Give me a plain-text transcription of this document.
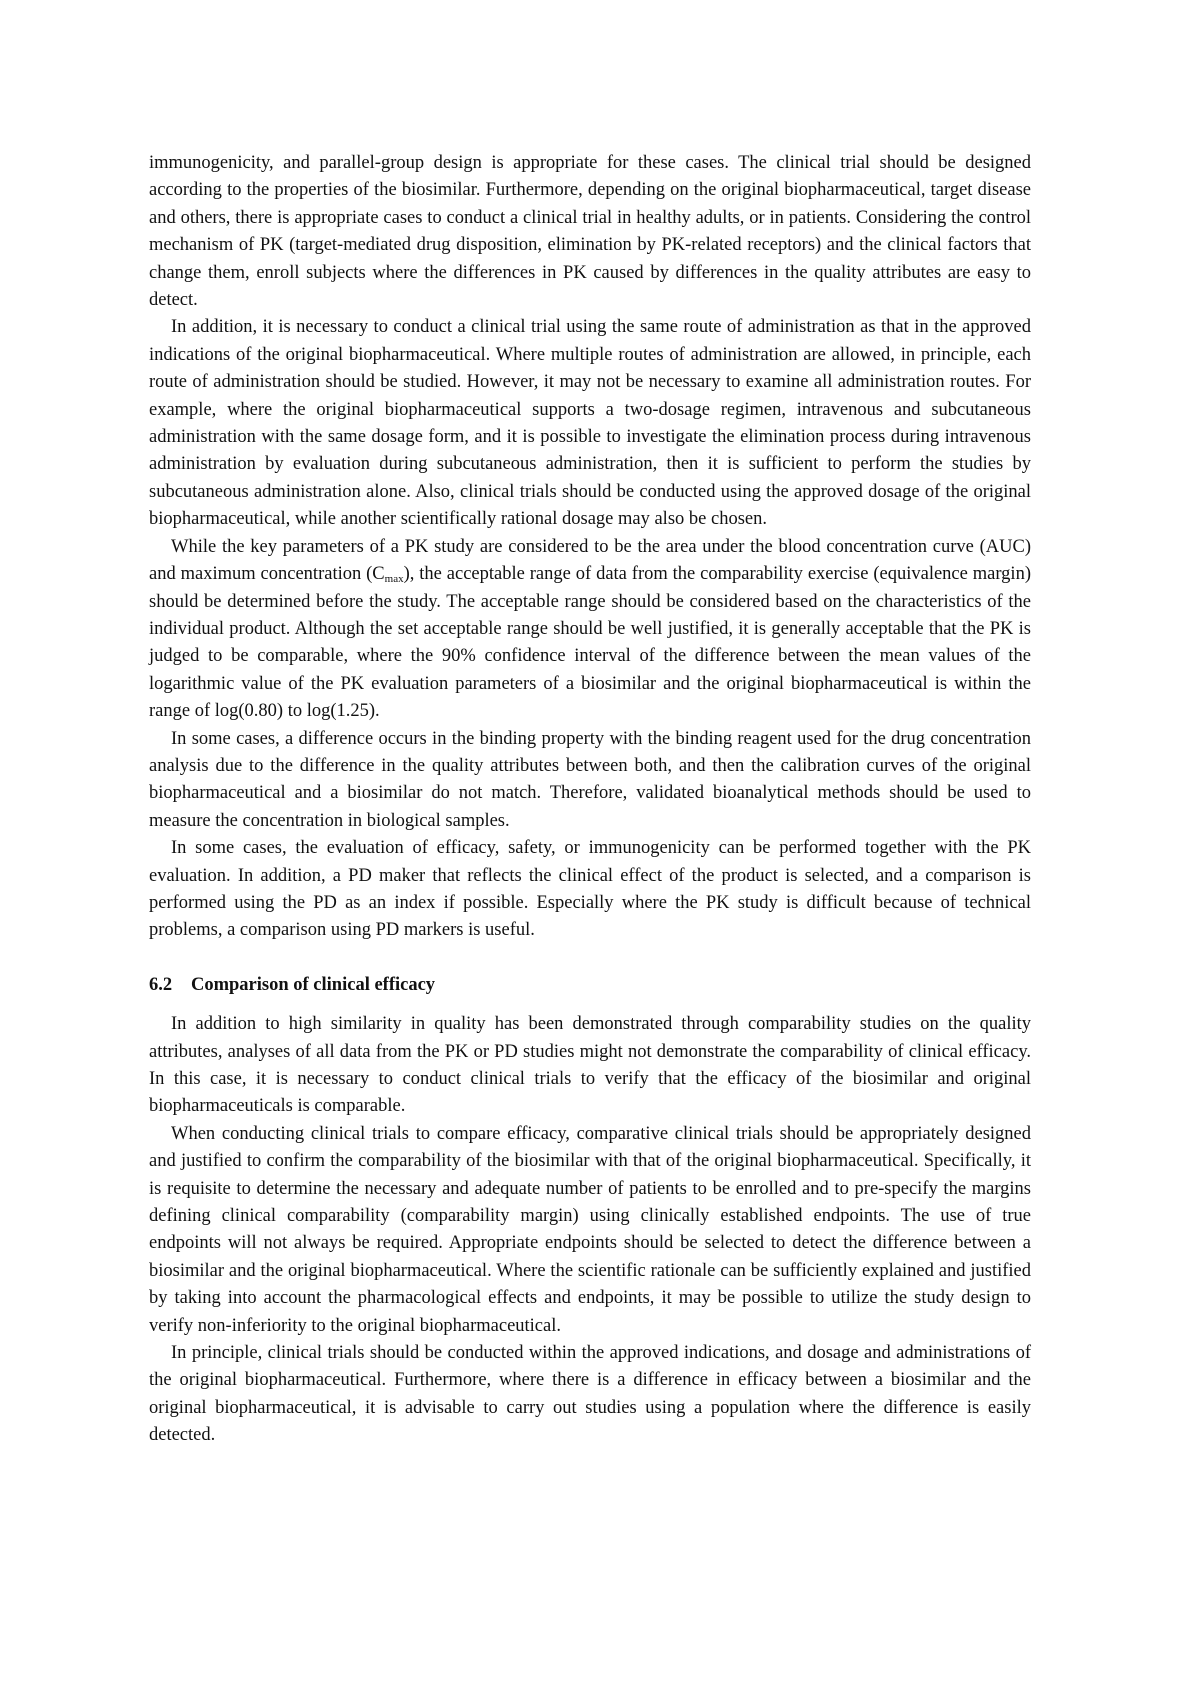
immunogenicity, and parallel-group design is appropriate for these cases. The clinical trial should be designed according to the properties of the biosimilar. Furthermore, depending on the original biopharmaceutical, target disease and others, there is appropriate cases to conduct a clinical trial in healthy adults, or in patients. Considering the control mechanism of PK (target-mediated drug disposition, elimination by PK-related receptors) and the clinical factors that change them, enroll subjects where the differences in PK caused by differences in the quality attributes are easy to detect.

In addition, it is necessary to conduct a clinical trial using the same route of administration as that in the approved indications of the original biopharmaceutical. Where multiple routes of administration are allowed, in principle, each route of administration should be studied. However, it may not be necessary to examine all administration routes. For example, where the original biopharmaceutical supports a two-dosage regimen, intravenous and subcutaneous administration with the same dosage form, and it is possible to investigate the elimination process during intravenous administration by evaluation during subcutaneous administration, then it is sufficient to perform the studies by subcutaneous administration alone. Also, clinical trials should be conducted using the approved dosage of the original biopharmaceutical, while another scientifically rational dosage may also be chosen.

While the key parameters of a PK study are considered to be the area under the blood concentration curve (AUC) and maximum concentration $(C_{max})$, the acceptable range of data from the comparability exercise (equivalence margin) should be determined before the study. The acceptable range should be considered based on the characteristics of the individual product. Although the set acceptable range should be well justified, it is generally acceptable that the PK is judged to be comparable, where the 90% confidence interval of the difference between the mean values of the logarithmic value of the PK evaluation parameters of a biosimilar and the original biopharmaceutical is within the range of log(0.80) to log(1.25).

In some cases, a difference occurs in the binding property with the binding reagent used for the drug concentration analysis due to the difference in the quality attributes between both, and then the calibration curves of the original biopharmaceutical and a biosimilar do not match. Therefore, validated bioanalytical methods should be used to measure the concentration in biological samples.

In some cases, the evaluation of efficacy, safety, or immunogenicity can be performed together with the PK evaluation. In addition, a PD maker that reflects the clinical effect of the product is selected, and a comparison is performed using the PD as an index if possible. Especially where the PK study is difficult because of technical problems, a comparison using PD markers is useful.

6.2 Comparison of clinical efficacy

In addition to high similarity in quality has been demonstrated through comparability studies on the quality attributes, analyses of all data from the PK or PD studies might not demonstrate the comparability of clinical efficacy. In this case, it is necessary to conduct clinical trials to verify that the efficacy of the biosimilar and original biopharmaceuticals is comparable.

When conducting clinical trials to compare efficacy, comparative clinical trials should be appropriately designed and justified to confirm the comparability of the biosimilar with that of the original biopharmaceutical. Specifically, it is requisite to determine the necessary and adequate number of patients to be enrolled and to pre-specify the margins defining clinical comparability (comparability margin) using clinically established endpoints. The use of true endpoints will not always be required. Appropriate endpoints should be selected to detect the difference between a biosimilar and the original biopharmaceutical. Where the scientific rationale can be sufficiently explained and justified by taking into account the pharmacological effects and endpoints, it may be possible to utilize the study design to verify non-inferiority to the original biopharmaceutical.

In principle, clinical trials should be conducted within the approved indications, and dosage and administrations of the original biopharmaceutical. Furthermore, where there is a difference in efficacy between a biosimilar and the original biopharmaceutical, it is advisable to carry out studies using a population where the difference is easily detected.
